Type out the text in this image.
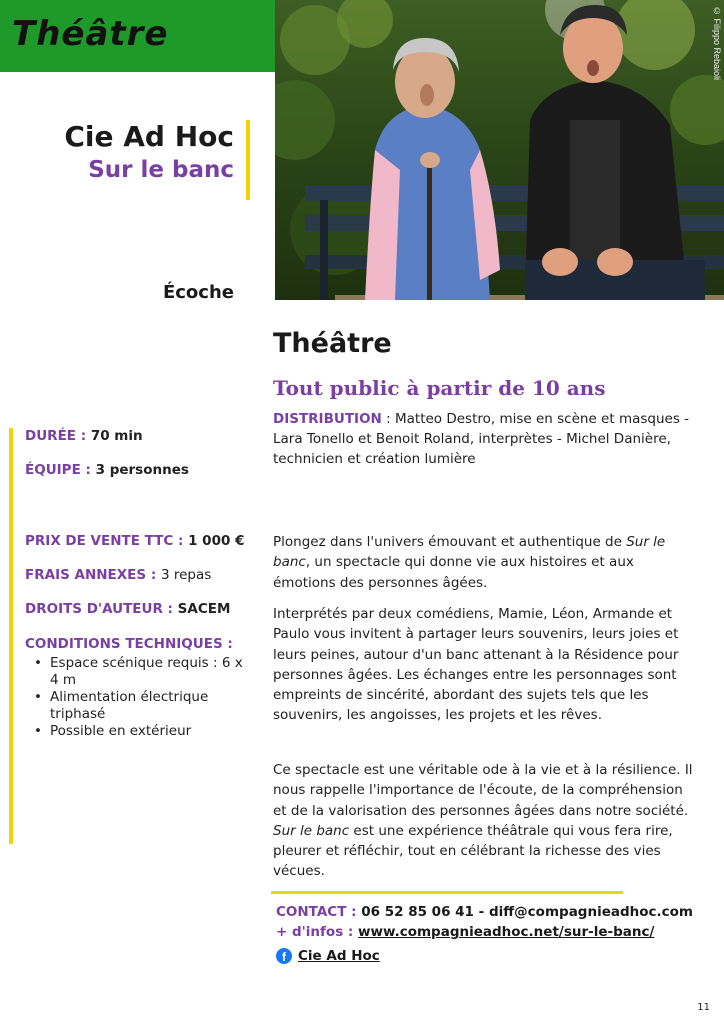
Théâtre	© Filippo Rebaioli
Cie Ad Hoc
Sur le banc
Écoche
Théâtre
Tout public à partir de 10 ans
DISTRIBUTION : Matteo Destro, mise en scène et masques - Lara Tonello et Benoit Roland, interprètes - Michel Danière, technicien et création lumière
DURÉE : 70 min
ÉQUIPE : 3 personnes
PRIX DE VENTE TTC : 1 000 €
FRAIS ANNEXES : 3 repas
DROITS D'AUTEUR : SACEM
CONDITIONS TECHNIQUES :
• Espace scénique requis : 6 x 4 m
• Alimentation électrique triphasé
• Possible en extérieur
Plongez dans l'univers émouvant et authentique de Sur le banc, un spectacle qui donne vie aux histoires et aux émotions des personnes âgées.
Interprétés par deux comédiens, Mamie, Léon, Armande et Paulo vous invitent à partager leurs souvenirs, leurs joies et leurs peines, autour d'un banc attenant à la Résidence pour personnes âgées. Les échanges entre les personnages sont empreints de sincérité, abordant des sujets tels que les souvenirs, les angoisses, les projets et les rêves.
Ce spectacle est une véritable ode à la vie et à la résilience. Il nous rappelle l'importance de l'écoute, de la compréhension et de la valorisation des personnes âgées dans notre société. Sur le banc est une expérience théâtrale qui vous fera rire, pleurer et réfléchir, tout en célébrant la richesse des vies vécues.
CONTACT : 06 52 85 06 41 - diff@compagnieadhoc.com
+ d'infos : www.compagnieadhoc.net/sur-le-banc/
f Cie Ad Hoc
11
